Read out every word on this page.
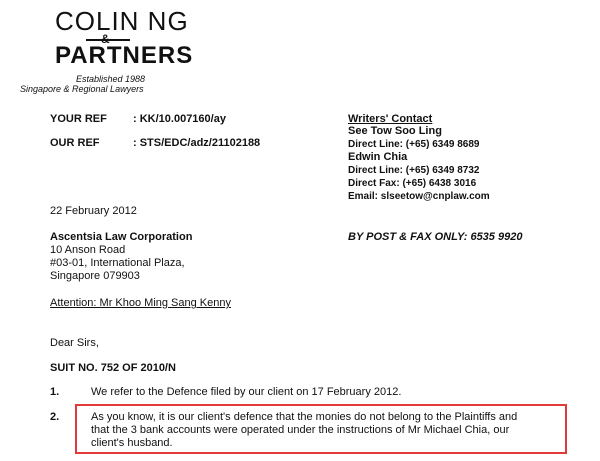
COLIN NG
&
PARTNERS
Established 1988
Singapore & Regional Lawyers
YOUR REF : KK/10.007160/ay
OUR REF	: STS/EDC/adz/21102188
Writers' Contact
See Tow Soo Ling
Direct Line: (+65) 6349 8689
Edwin Chia
Direct Line: (+65) 6349 8732
Direct Fax: (+65) 6438 3016
Email: slseetow@cnplaw.com
22 February 2012
Ascentsia Law Corporation
10 Anson Road
#03-01, International Plaza,
Singapore 079903
BY POST & FAX ONLY: 6535 9920
Attention: Mr Khoo Ming Sang Kenny
Dear Sirs,
SUIT NO. 752 OF 2010/N
1.	We refer to the Defence filed by our client on 17 February 2012.
2.	As you know, it is our client's defence that the monies do not belong to the Plaintiffs and
that the 3 bank accounts were operated under the instructions of Mr Michael Chia, our
client's husband.
